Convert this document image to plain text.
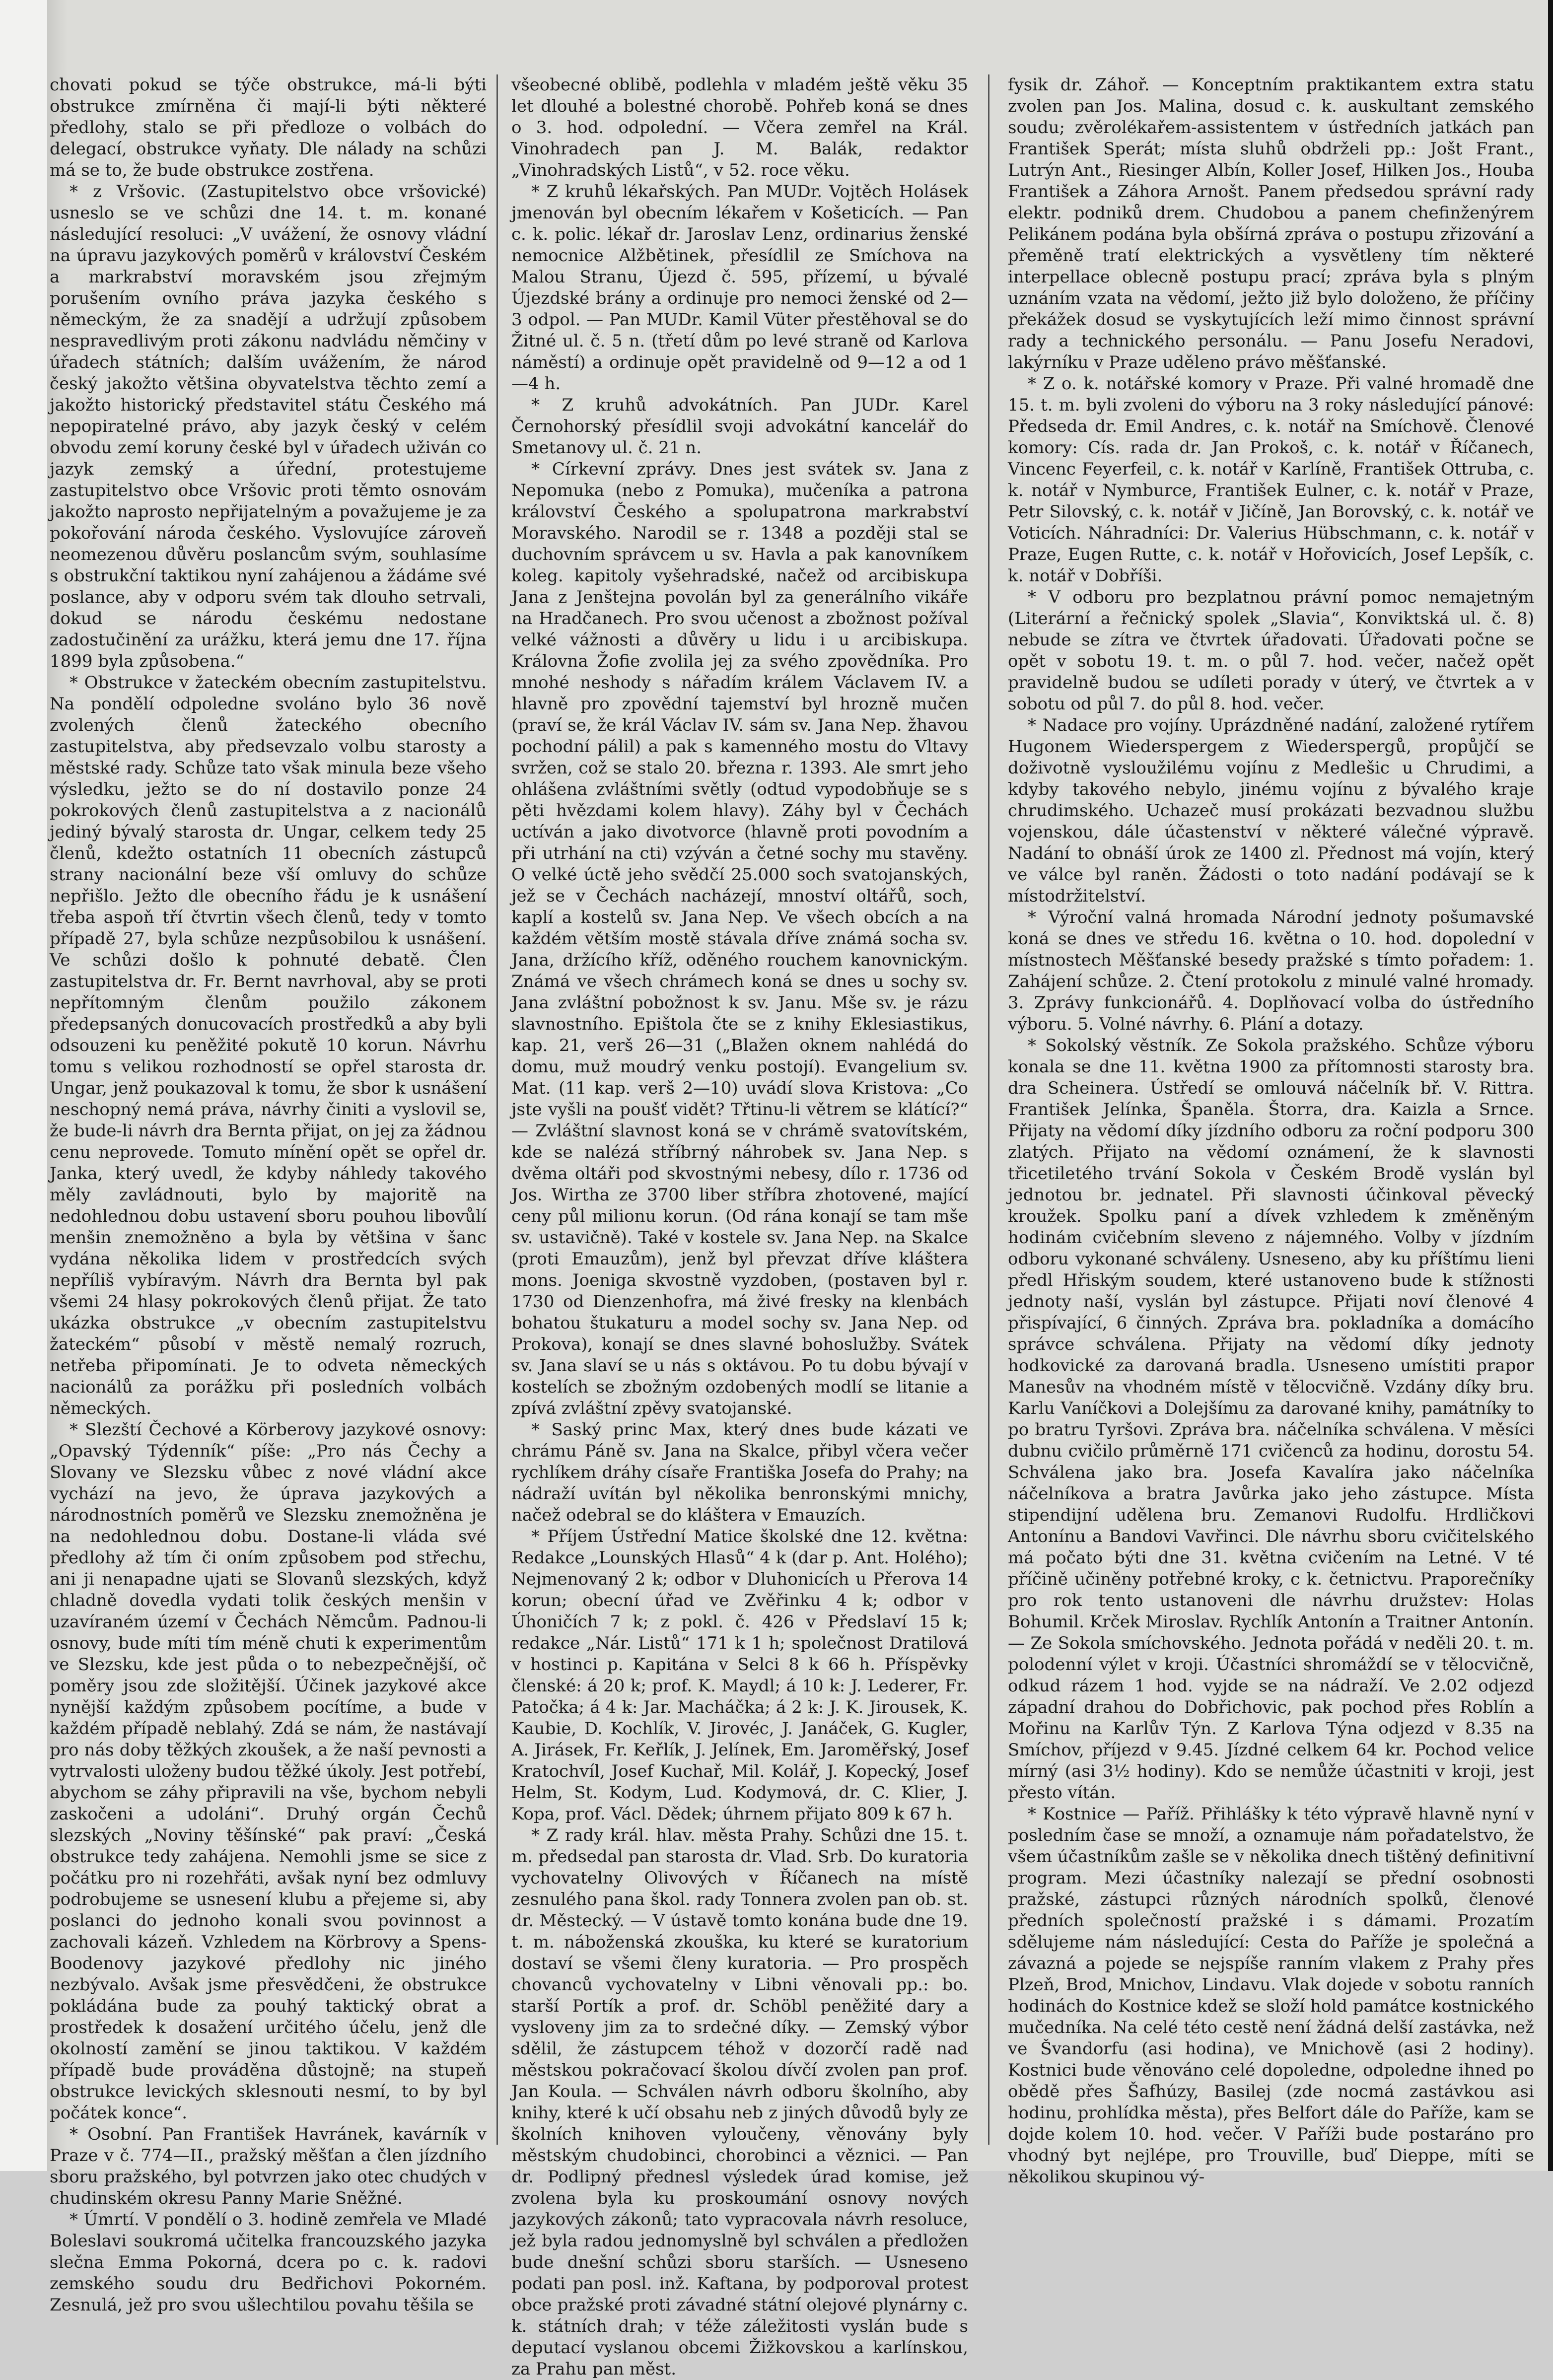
chovati pokud se týče obstrukce, má-li býti obstrukce zmírněna či mají-li býti některé předlohy, stalo se při předloze o volbách do delegací, obstrukce vyňaty. Dle nálady na schůzi má se to, že bude obstrukce zostřena.

* z Vršovic. (Zastupitelstvo obce vršovické) usneslo se ve schůzi dne 14. t. m. konané následující resoluci: „V uvážení, že osnovy vládní na úpravu jazykových poměrů v království Českém a markrabství moravském jsou zřejmým porušením ovního práva jazyka českého s německým, že za snadějí a udržují způsobem nespravedlivým proti zákonu nadvládu němčiny v úřadech státních; dalším uvážením, že národ český jakožto většina obyvatelstva těchto zemí a jakožto historický představitel státu Českého má nepopiratelné právo, aby jazyk český v celém obvodu zemí koruny české byl v úřadech uživán co jazyk zemský a úřední, protestujeme zastupitelstvo obce Vršovic proti těmto osnovám jakožto naprosto nepřijatelným a považujeme je za pokořování národa českého. Vyslovujíce zároveň neomezenou důvěru poslancům svým, souhlasíme s obstrukční taktikou nyní zahájenou a žádáme své poslance, aby v odporu svém tak dlouho setrvali, dokud se národu českému nedostane zadostučinění za urážku, která jemu dne 17. října 1899 byla způsobena.“

* Obstrukce v žateckém obecním zastupitelstvu. Na pondělí odpoledne svoláno bylo 36 nově zvolených členů žateckého obecního zastupitelstva, aby předsevzalo volbu starosty a městské rady. Schůze tato však minula beze všeho výsledku, ježto se do ní dostavilo ponze 24 pokrokových členů zastupitelstva a z nacionálů jediný bývalý starosta dr. Ungar, celkem tedy 25 členů, kdežto ostatních 11 obecních zástupců strany nacionální beze vší omluvy do schůze nepřišlo. Ježto dle obecního řádu je k usnášení třeba aspoň tří čtvrtin všech členů, tedy v tomto případě 27, byla schůze nezpůsobilou k usnášení. Ve schůzi došlo k pohnuté debatě. Člen zastupitelstva dr. Fr. Bernt navrhoval, aby se proti nepřítomným členům použilo zákonem předepsaných donucovacích prostředků a aby byli odsouzeni ku peněžité pokutě 10 korun. Návrhu tomu s velikou rozhodností se opřel starosta dr. Ungar, jenž poukazoval k tomu, že sbor k usnášení neschopný nemá práva, návrhy činiti a vyslovil se, že bude-li návrh dra Bernta přijat, on jej za žádnou cenu neprovede. Tomuto mínění opět se opřel dr. Janka, který uvedl, že kdyby náhledy takového měly zavládnouti, bylo by majoritě na nedohlednou dobu ustavení sboru pouhou libovůlí menšin znemožněno a byla by většina v šanc vydána několika lidem v prostředcích svých nepříliš vybíravým. Návrh dra Bernta byl pak všemi 24 hlasy pokrokových členů přijat. Že tato ukázka obstrukce „v obecním zastupitelstvu žateckém“ působí v městě nemalý rozruch, netřeba připomínati. Je to odveta německých nacionálů za porážku při posledních volbách německých.

* Slezští Čechové a Körberovy jazykové osnovy: „Opavský Týdenník“ píše: „Pro nás Čechy a Slovany ve Slezsku vůbec z nové vládní akce vychází na jevo, že úprava jazykových a národnostních poměrů ve Slezsku znemožněna je na nedohlednou dobu. Dostane-li vláda své předlohy až tím či oním způsobem pod střechu, ani ji nenapadne ujati se Slovanů slezských, když chladně dovedla vydati tolik českých menšin v uzavíraném území v Čechách Němcům. Padnou-li osnovy, bude míti tím méně chuti k experimentům ve Slezsku, kde jest půda o to nebezpečnější, oč poměry jsou zde složitější. Účinek jazykové akce nynější každým způsobem pocítíme, a bude v každém případě neblahý. Zdá se nám, že nastávají pro nás doby těžkých zkoušek, a že naší pevnosti a vytrvalosti uloženy budou těžké úkoly. Jest potřebí, abychom se záhy připravili na vše, bychom nebyli zaskočeni a udoláni“. Druhý orgán Čechů slezských „Noviny těšínské“ pak praví: „Česká obstrukce tedy zahájena. Nemohli jsme se sice z počátku pro ni rozehřáti, avšak nyní bez odmluvy podrobujeme se usnesení klubu a přejeme si, aby poslanci do jednoho konali svou povinnost a zachovali kázeň. Vzhledem na Körbrovy a Spens-Boodenovy jazykové předlohy nic jiného nezbývalo. Avšak jsme přesvědčeni, že obstrukce pokládána bude za pouhý taktický obrat a prostředek k dosažení určitého účelu, jenž dle okolností zamění se jinou taktikou. V každém případě bude prováděna důstojně; na stupeň obstrukce levických sklesnouti nesmí, to by byl počátek konce“.

* Osobní. Pan František Havránek, kavárník v Praze v č. 774—II., pražský měšťan a člen jízdního sboru pražského, byl potvrzen jako otec chudých v chudinském okresu Panny Marie Sněžné.

* Úmrtí. V pondělí o 3. hodině zemřela ve Mladé Boleslavi soukromá učitelka francouzského jazyka slečna Emma Pokorná, dcera po c. k. radovi zemského soudu dru Bedřichovi Pokorném. Zesnulá, jež pro svou ušlechtilou povahu těšila se

všeobecné oblibě, podlehla v mladém ještě věku 35 let dlouhé a bolestné chorobě. Pohřeb koná se dnes o 3. hod. odpolední. — Včera zemřel na Král. Vinohradech pan J. M. Balák, redaktor „Vinohradských Listů“, v 52. roce věku.

* Z kruhů lékařských. Pan MUDr. Vojtěch Holásek jmenován byl obecním lékařem v Košeticích. — Pan c. k. polic. lékař dr. Jaroslav Lenz, ordinarius ženské nemocnice Alžbětinek, přesídlil ze Smíchova na Malou Stranu, Újezd č. 595, přízemí, u bývalé Újezdské brány a ordinuje pro nemoci ženské od 2—3 odpol. — Pan MUDr. Kamil Vüter přestěhoval se do Žitné ul. č. 5 n. (třetí dům po levé straně od Karlova náměstí) a ordinuje opět pravidelně od 9—12 a od 1—4 h.

* Z kruhů advokátních. Pan JUDr. Karel Černohorský přesídlil svoji advokátní kancelář do Smetanovy ul. č. 21 n.

* Církevní zprávy. Dnes jest svátek sv. Jana z Nepomuka (nebo z Pomuka), mučeníka a patrona království Českého a spolupatrona markrabství Moravského. Narodil se r. 1348 a později stal se duchovním správcem u sv. Havla a pak kanovníkem koleg. kapitoly vyšehradské, načež od arcibiskupa Jana z Jenštejna povolán byl za generálního vikáře na Hradčanech. Pro svou učenost a zbožnost požíval velké vážnosti a důvěry u lidu i u arcibiskupa. Královna Žofie zvolila jej za svého zpovědníka. Pro mnohé neshody s nářadím králem Václavem IV. a hlavně pro zpovědní tajemství byl hrozně mučen (praví se, že král Václav IV. sám sv. Jana Nep. žhavou pochodní pálil) a pak s kamenného mostu do Vltavy svržen, což se stalo 20. března r. 1393. Ale smrt jeho ohlášena zvláštními světly (odtud vypodobňuje se s pěti hvězdami kolem hlavy). Záhy byl v Čechách uctíván a jako divotvorce (hlavně proti povodním a při utrhání na cti) vzýván a četné sochy mu stavěny. O velké úctě jeho svědčí 25.000 soch svatojanských, jež se v Čechách nacházejí, mnoství oltářů, soch, kaplí a kostelů sv. Jana Nep. Ve všech obcích a na každém větším mostě stávala dříve známá socha sv. Jana, držícího kříž, oděného rouchem kanovnickým. Známá ve všech chrámech koná se dnes u sochy sv. Jana zvláštní pobožnost k sv. Janu. Mše sv. je rázu slavnostního. Epištola čte se z knihy Eklesiastikus, kap. 21, verš 26—31 („Blažen oknem nahlédá do domu, muž moudrý venku postojí). Evangelium sv. Mat. (11 kap. verš 2—10) uvádí slova Kristova: „Co jste vyšli na poušť vidět? Třtinu-li větrem se klátící?“ — Zvláštní slavnost koná se v chrámě svatovítském, kde se nalézá stříbrný náhrobek sv. Jana Nep. s dvěma oltáři pod skvostnými nebesy, dílo r. 1736 od Jos. Wirtha ze 3700 liber stříbra zhotovené, mající ceny půl milionu korun. (Od rána konají se tam mše sv. ustavičně). Také v kostele sv. Jana Nep. na Skalce (proti Emauzům), jenž byl převzat dříve kláštera mons. Joeniga skvostně vyzdoben, (postaven byl r. 1730 od Dienzenhofra, má živé fresky na klenbách bohatou štukaturu a model sochy sv. Jana Nep. od Prokova), konají se dnes slavné bohoslužby. Svátek sv. Jana slaví se u nás s oktávou. Po tu dobu bývají v kostelích se zbožným ozdobených modlí se litanie a zpívá zvláštní zpěvy svatojanské.

* Saský princ Max, který dnes bude kázati ve chrámu Páně sv. Jana na Skalce, přibyl včera večer rychlíkem dráhy císaře Františka Josefa do Prahy; na nádraží uvítán byl několika benronskými mnichy, načež odebral se do kláštera v Emauzích.

* Příjem Ústřední Matice školské dne 12. května: Redakce „Lounských Hlasů“ 4 k (dar p. Ant. Holého); Nejmenovaný 2 k; odbor v Dluhonicích u Přerova 14 korun; obecní úřad ve Zvěřinku 4 k; odbor v Úhoničích 7 k; z pokl. č. 426 v Předslaví 15 k; redakce „Nár. Listů“ 171 k 1 h; společnost Dratilová v hostinci p. Kapitána v Selci 8 k 66 h. Příspěvky členské: á 20 k; prof. K. Maydl; á 10 k: J. Lederer, Fr. Patočka; á 4 k: Jar. Macháčka; á 2 k: J. K. Jirousek, K. Kaubie, D. Kochlík, V. Jirovéc, J. Janáček, G. Kugler, A. Jirásek, Fr. Keřlík, J. Jelínek, Em. Jaroměřský, Josef Kratochvíl, Josef Kuchař, Mil. Kolář, J. Kopecký, Josef Helm, St. Kodym, Lud. Kodymová, dr. C. Klier, J. Kopa, prof. Václ. Dědek; úhrnem přijato 809 k 67 h.

* Z rady král. hlav. města Prahy. Schůzi dne 15. t. m. předsedal pan starosta dr. Vlad. Srb. Do kuratoria vychovatelny Olivových v Říčanech na místě zesnulého pana škol. rady Tonnera zvolen pan ob. st. dr. Městecký. — V ústavě tomto konána bude dne 19. t. m. náboženská zkouška, ku které se kuratorium dostaví se všemi členy kuratoria. — Pro prospěch chovanců vychovatelny v Libni věnovali pp.: bo. starší Portík a prof. dr. Schöbl peněžité dary a vysloveny jim za to srdečné díky. — Zemský výbor sdělil, že zástupcem téhož v dozorčí radě nad městskou pokračovací školou dívčí zvolen pan prof. Jan Koula. — Schválen návrh odboru školního, aby knihy, které k učí obsahu neb z jiných důvodů byly ze školních knihoven vyloučeny, věnovány byly městským chudobinci, chorobinci a věznici. — Pan dr. Podlipný přednesl výsledek úrad komise, jež zvolena byla ku proskoumání osnovy nových jazykových zákonů; tato vypracovala návrh resoluce, jež byla radou jednomyslně byl schválen a předložen bude dnešní schůzi sboru starších. — Usneseno podati pan posl. inž. Kaftana, by podporoval protest obce pražské proti závadné státní olejové plynárny c. k. státních drah; v téže záležitosti vyslán bude s deputací vyslanou obcemi Žižkovskou a karlínskou, za Prahu pan měst.

fysik dr. Záhoř. — Konceptním praktikantem extra statu zvolen pan Jos. Malina, dosud c. k. auskultant zemského soudu; zvěrolékařem-assistentem v ústředních jatkách pan František Sperát; místa sluhů obdrželi pp.: Jošt Frant., Lutrýn Ant., Riesinger Albín, Koller Josef, Hilken Jos., Houba František a Záhora Arnošt. Panem předsedou správní rady elektr. podniků drem. Chudobou a panem chefinženýrem Pelikánem podána byla obšírná zpráva o postupu zřizování a přeměně tratí elektrických a vysvětleny tím některé interpellace oblecně postupu prací; zpráva byla s plným uznáním vzata na vědomí, ježto již bylo doloženo, že příčiny překážek dosud se vyskytujících leží mimo činnost správní rady a technického personálu. — Panu Josefu Neradovi, lakýrníku v Praze uděleno právo měšťanské.

* Z o. k. notářské komory v Praze. Při valné hromadě dne 15. t. m. byli zvoleni do výboru na 3 roky následující pánové: Předseda dr. Emil Andres, c. k. notář na Smíchově. Členové komory: Cís. rada dr. Jan Prokoš, c. k. notář v Říčanech, Vincenc Feyerfeil, c. k. notář v Karlíně, František Ottruba, c. k. notář v Nymburce, František Eulner, c. k. notář v Praze, Petr Silovský, c. k. notář v Jičíně, Jan Borovský, c. k. notář ve Voticích. Náhradníci: Dr. Valerius Hübschmann, c. k. notář v Praze, Eugen Rutte, c. k. notář v Hořovicích, Josef Lepšík, c. k. notář v Dobříši.

* V odboru pro bezplatnou právní pomoc nemajetným (Literární a řečnický spolek „Slavia“, Konviktská ul. č. 8) nebude se zítra ve čtvrtek úřadovati. Úřadovati počne se opět v sobotu 19. t. m. o půl 7. hod. večer, načež opět pravidelně budou se udíleti porady v úterý, ve čtvrtek a v sobotu od půl 7. do půl 8. hod. večer.

* Nadace pro vojíny. Uprázdněné nadání, založené rytířem Hugonem Wiederspergem z Wiederspergů, propůjčí se doživotně vysloužilému vojínu z Medlešic u Chrudimi, a kdyby takového nebylo, jinému vojínu z bývalého kraje chrudimského. Uchazeč musí prokázati bezvadnou službu vojenskou, dále účastenství v některé válečné výpravě. Nadání to obnáší úrok ze 1400 zl. Přednost má vojín, který ve válce byl raněn. Žádosti o toto nadání podávají se k místodržitelství.

* Výroční valná hromada Národní jednoty pošumavské koná se dnes ve středu 16. května o 10. hod. dopolední v místnostech Měšťanské besedy pražské s tímto pořadem: 1. Zahájení schůze. 2. Čtení protokolu z minulé valné hromady. 3. Zprávy funkcionářů. 4. Doplňovací volba do ústředního výboru. 5. Volné návrhy. 6. Plání a dotazy.

* Sokolský věstník. Ze Sokola pražského. Schůze výboru konala se dne 11. května 1900 za přítomnosti starosty bra. dra Scheinera. Ústředí se omlouvá náčelník bř. V. Rittra. František Jelínka, Španěla. Štorra, dra. Kaizla a Srnce. Přijaty na vědomí díky jízdního odboru za roční podporu 300 zlatých. Přijato na vědomí oznámení, že k slavnosti třicetiletého trvání Sokola v Českém Brodě vyslán byl jednotou br. jednatel. Při slavnosti účinkoval pěvecký kroužek. Spolku paní a dívek vzhledem k změněným hodinám cvičebním sleveno z nájemného. Volby v jízdním odboru vykonané schváleny. Usneseno, aby ku příštímu lieni předl Hřiským soudem, které ustanoveno bude k stížnosti jednoty naší, vyslán byl zástupce. Přijati noví členové 4 přispívající, 6 činných. Zpráva bra. pokladníka a domácího správce schválena. Přijaty na vědomí díky jednoty hodkovické za darovaná bradla. Usneseno umístiti prapor Manesův na vhodném místě v tělocvičně. Vzdány díky bru. Karlu Vaníčkovi a Dolejšímu za darované knihy, památníky to po bratru Tyršovi. Zpráva bra. náčelníka schválena. V měsíci dubnu cvičilo průměrně 171 cvičenců za hodinu, dorostu 54. Schválena jako bra. Josefa Kavalíra jako náčelníka náčelníkova a bratra Javůrka jako jeho zástupce. Místa stipendijní udělena bru. Zemanovi Rudolfu. Hrdličkovi Antonínu a Bandovi Vavřinci. Dle návrhu sboru cvičitelského má počato býti dne 31. května cvičením na Letné. V té příčině učiněny potřebné kroky, c k. četnictvu. Praporečníky pro rok tento ustanoveni dle návrhu družstev: Holas Bohumil. Krček Miroslav. Rychlík Antonín a Traitner Antonín. — Ze Sokola smíchovského. Jednota pořádá v neděli 20. t. m. polodenní výlet v kroji. Účastníci shromáždí se v tělocvičně, odkud rázem 1 hod. vyjde se na nádraží. Ve 2.02 odjezd západní drahou do Dobřichovic, pak pochod přes Roblín a Mořinu na Karlův Týn. Z Karlova Týna odjezd v 8.35 na Smíchov, příjezd v 9.45. Jízdné celkem 64 kr. Pochod velice mírný (asi 3½ hodiny). Kdo se nemůže účastniti v kroji, jest přesto vítán.

* Kostnice — Paříž. Přihlášky k této výpravě hlavně nyní v posledním čase se množí, a oznamuje nám pořadatelstvo, že všem účastníkům zašle se v několika dnech tištěný definitivní program. Mezi účastníky nalezají se přední osobnosti pražské, zástupci různých národních spolků, členové předních společností pražské i s dámami. Prozatím sdělujeme nám následující: Cesta do Paříže je společná a závazná a pojede se nejspíše ranním vlakem z Prahy přes Plzeň, Brod, Mnichov, Lindavu. Vlak dojede v sobotu ranních hodinách do Kostnice kdež se složí hold památce kostnického mučedníka. Na celé této cestě není žádná delší zastávka, než ve Švandorfu (asi hodina), ve Mnichově (asi 2 hodiny). Kostnici bude věnováno celé dopoledne, odpoledne ihned po obědě přes Šafhúzy, Basilej (zde nocmá zastávkou asi hodinu, prohlídka města), přes Belfort dále do Paříže, kam se dojde kolem 10. hod. večer. V Paříži bude postaráno pro vhodný byt nejlépe, pro Trouville, buď Dieppe, míti se několikou skupinou vý-
